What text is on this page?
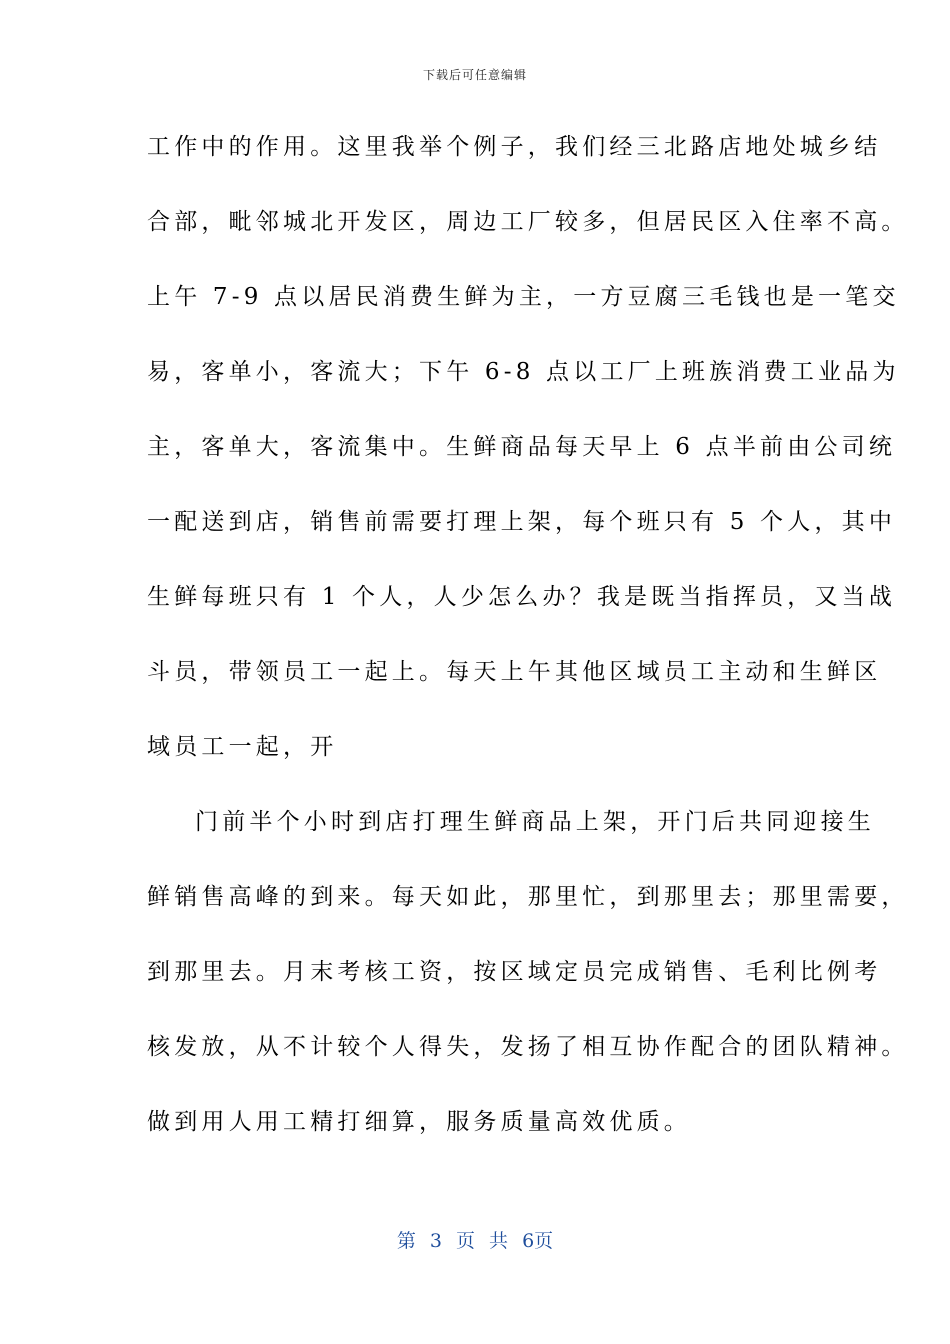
下载后可任意编辑
工作中的作用。这里我举个例子，我们经三北路店地处城乡结
合部，毗邻城北开发区，周边工厂较多，但居民区入住率不高。
上午 7-9 点以居民消费生鲜为主，一方豆腐三毛钱也是一笔交
易，客单小，客流大；下午 6-8 点以工厂上班族消费工业品为
主，客单大，客流集中。生鲜商品每天早上 6 点半前由公司统
一配送到店，销售前需要打理上架，每个班只有 5 个人，其中
生鲜每班只有 1 个人，人少怎么办？我是既当指挥员，又当战
斗员，带领员工一起上。每天上午其他区域员工主动和生鲜区
域员工一起，开
门前半个小时到店打理生鲜商品上架，开门后共同迎接生
鲜销售高峰的到来。每天如此，那里忙，到那里去；那里需要，
到那里去。月末考核工资，按区域定员完成销售、毛利比例考
核发放，从不计较个人得失，发扬了相互协作配合的团队精神。
做到用人用工精打细算，服务质量高效优质。
第 3 页 共 6页
